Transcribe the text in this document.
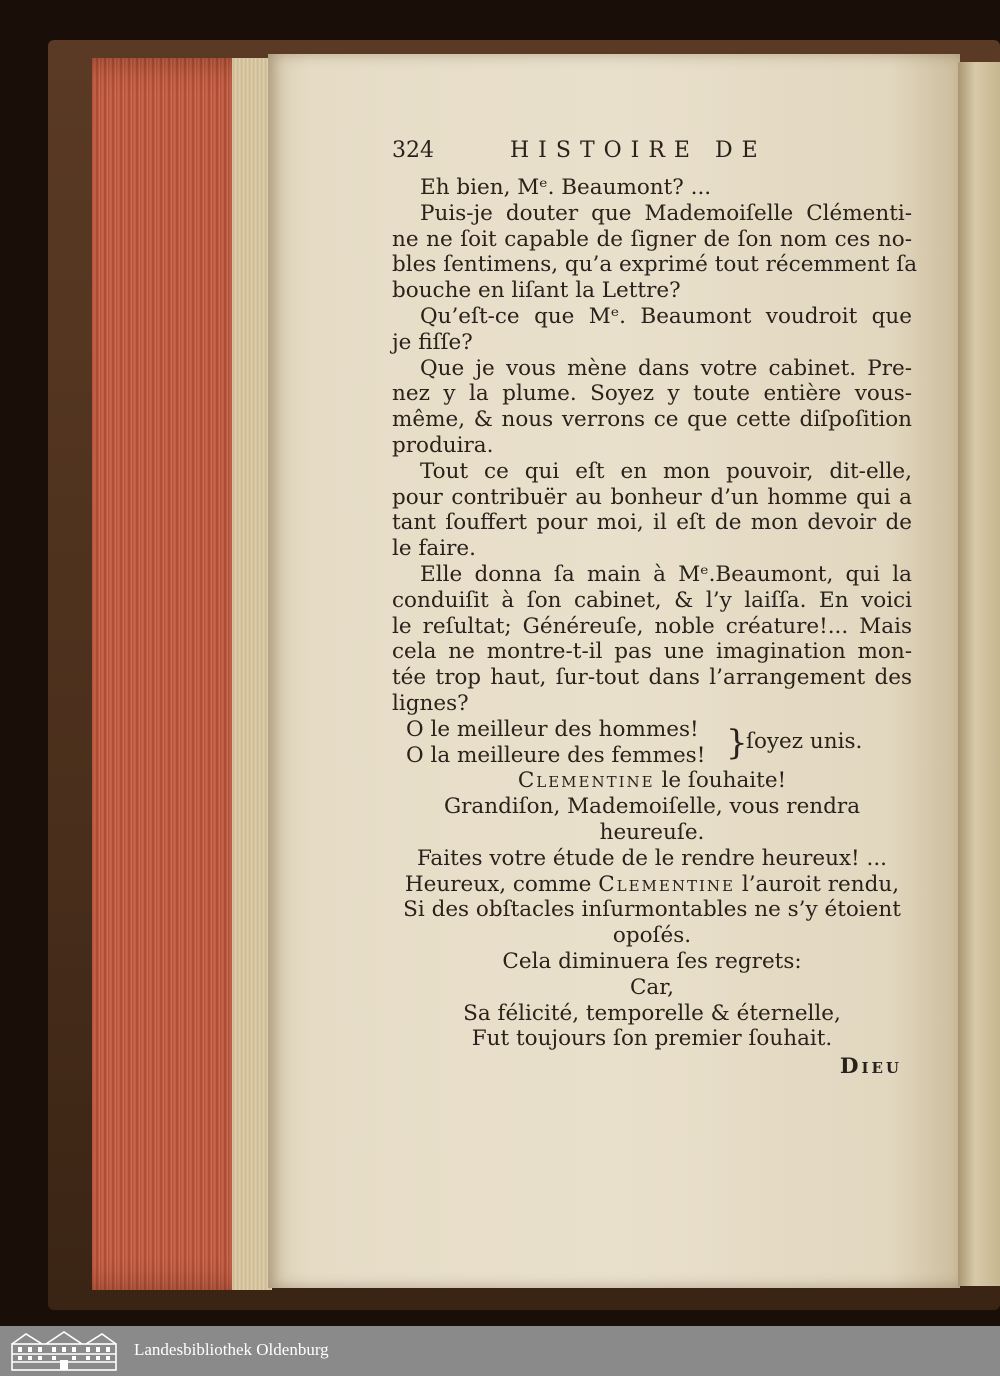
324	HISTOIRE DE
Eh bien, Mᵉ. Beaumont? ...
Puis-je douter que Mademoiſelle Clémenti-
ne ne ſoit capable de ſigner de ſon nom ces no-
bles ſentimens, qu’a exprimé tout récemment ſa
bouche en liſant la Lettre?
Qu’eſt-ce que Mᵉ. Beaumont voudroit que
je fiſſe?
Que je vous mène dans votre cabinet. Pre-
nez y la plume. Soyez y toute entière vous-
même, & nous verrons ce que cette diſpoſition
produira.
Tout ce qui eſt en mon pouvoir, dit-elle,
pour contribuër au bonheur d’un homme qui a
tant ſouffert pour moi, il eſt de mon devoir de
le faire.
Elle donna ſa main à Mᵉ.Beaumont, qui la
conduiſit à ſon cabinet, & l’y laiſſa. En voici
le reſultat; Généreuſe, noble créature!... Mais
cela ne montre-t-il pas une imagination mon-
tée trop haut, ſur-tout dans l’arrangement des
lignes?
O le meilleur des hommes!
O la meilleure des femmes! }
ſoyez unis.
Clementine le ſouhaite!
Grandiſon, Mademoiſelle, vous rendra
heureuſe.
Faites votre étude de le rendre heureux! ...
Heureux, comme Clementine l’auroit rendu,
Si des obſtacles inſurmontables ne s’y étoient
opoſés.
Cela diminuera ſes regrets:
Car,
Sa félicité, temporelle & éternelle,
Fut toujours ſon premier ſouhait.
Dieu
Landesbibliothek Oldenburg
